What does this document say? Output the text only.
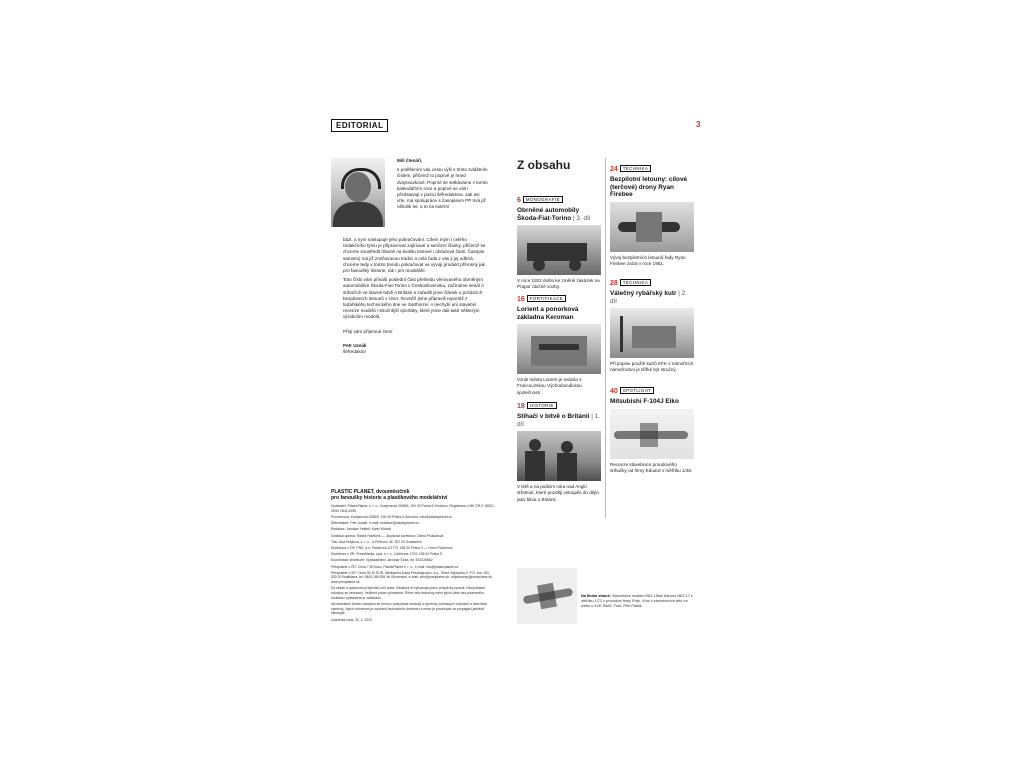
EDITORIAL	3

Milí čtenáři,

s potěšením vás celou výši s tímto zvláštním číslem, přičemž to poprvé je hned dvojsvazkové. Poprvé se setkáváme v tomto kalendářním roce a poprvé se vám představuji v pozici šéfredaktora. Jak asi víte, má spolupráce s časopisem PP trvá již několik let, a to na externí

bázi, a nyní nastupuje jeho pokračování. Cílem mým i celého redakčního týmu je připravovat zajímavé a seriózní články, přičemž se chceme soustředit hlavně na kvalitu textové i obrazové části. Časopis samotný má již zmiňovanou tradici a celá řada z vás ji jej odbírá, chceme tedy v tomto trendu pokračovat ve vývoji produkt přínosný jak pro fanoušky historie, tak i pro modeláře.

Toto číslo vám přináší poslední část přehledu věnovaného obrněným automobilům Škoda-Fiat-Torino v Československu, začínáme seriál o stíhačích ve slavné bitvě o Británii a zařadili jsme článek o počátcích bezpilotních letounů v USA. Rovněž jsme připravili reportáž z loďařského technického dne ve Sarthorne. A nechybí ani stavební recenze modelů i stručnější sportáky, které jsme dali také některým výrobcům modelů.

Přeji vám příjemné čtení

Petr Uzeák

šéfredaktor

PLASTIC PLANET, dvouměsíčník
pro fanoušky historie a plastikového modelářství

Vydavatel: PlasticPlanet, s. r. o., Kostymová 2058/5, 150 00 Praha 5-Smíchov. Registrace u MK ČR E 18521, ISSN 1804-4255

Provozovna: Kostymová 2058/5, 150 00 Praha 5-Smíchov, info@plasticplanet.cz

Šéfredaktor: Petr Uzeák, e-mail: redakce@plasticplanet.cz

Redakce: Jaroslav Velebil, Karel Woods

Grafická úprava: Radek Havlíček — Jazyková korektura: Olena Pluskalová

Tisk: Alva Brejtová, s. r. o., U Průhonu 36, 557 03 Svábenice

Distribuce v ČR: PNS, a.s. Paceřická 1/2773, 180 00 Praha 9 — Horní Počernice

Distribuce v SR: PressMedia, spol. s r. o., Liščiňova 1703, 155 00 Praha 5

Koordinátor distribuce: Vydavatelství Jaroslav Šírka, tel. 602226862

Předplatné v ČR: Cena 7,50 kusu, PlasticPlanet s. r. o., e-mail: info@plasticplanet.cz

Předplatné v SR: Cena 35,40 EUR, Mediaprint-Kapa Pressegrosso, a.s., Stará Vajnorská 9, P.O. box 183, 830 00 Bratislava, tel. 0800 188 826 Ve Slovenské, e-mail: info@predplatne.sk, objednavky@predplatne.sk, www.predplatne.sk.

Za obsah a správnost příspěvků ručí autor. Redakce si vyhrazuje právo příspěvky upravit. Nevyžádané rukopisy se nevracejí. Veškerá práva vyhrazena. Šíření této tiskoviny nebo jejích částí bez písemného souhlasu vydavatele je zakázáno.

Na stránkách tohoto časopisu se mohou vyskytovat obrázky a symboly zobrazující vojenské a historické symboly. Jejich zobrazení je součástí historického kontextu a nelze je považovat za propagaci jakékoli ideologie.

Uzávěrka čísla: 20. 1. 2022

Z obsahu
6 MONOGRAFIE
Obrněné automobily Škoda-Fiat-Torino | 3. díl
V roce 1922 došlo ke změně zakázek na Prapor útočné vozby.
16 FORTIFIKACE
Lorient a ponorková základna Keroman
Vznik města Lorient je svázán s Francouzskou Východoindickou společností.
18 HISTORIE
Stíhači v bitvě o Británii | 1. díl
V létě a na podzim roku nad Anglií střetnutí, které později vstoupilo do dějin jako bitva o Británii.
24 TECHNIKA
Bezpilotní letouny: cílové (terčové) drony Ryan Firebee
Vývoj bezpilotních letounů řady Ryan Firebee začal v roce 1951.
28 TECHNIKA
Válečný rybářský kutr | 2. díl
Při popisu použití kutrů KFK v námořních námořnictvu je těžké být stručný.
40 SPOTLIGHT
Mitsubishi F-104J Eiko
Recenze stavebnice proudového stíhačky od firmy Eduard v měřítku 1/48.
Na titulní straně: Stavebnice modelu MiG-15bis letounu MiG-17 s měřítku 1/72 z produkce firmy Ertle. Více o stavebnicích této na webu u eVE-Šáčů. Foto: Petr Pablík
